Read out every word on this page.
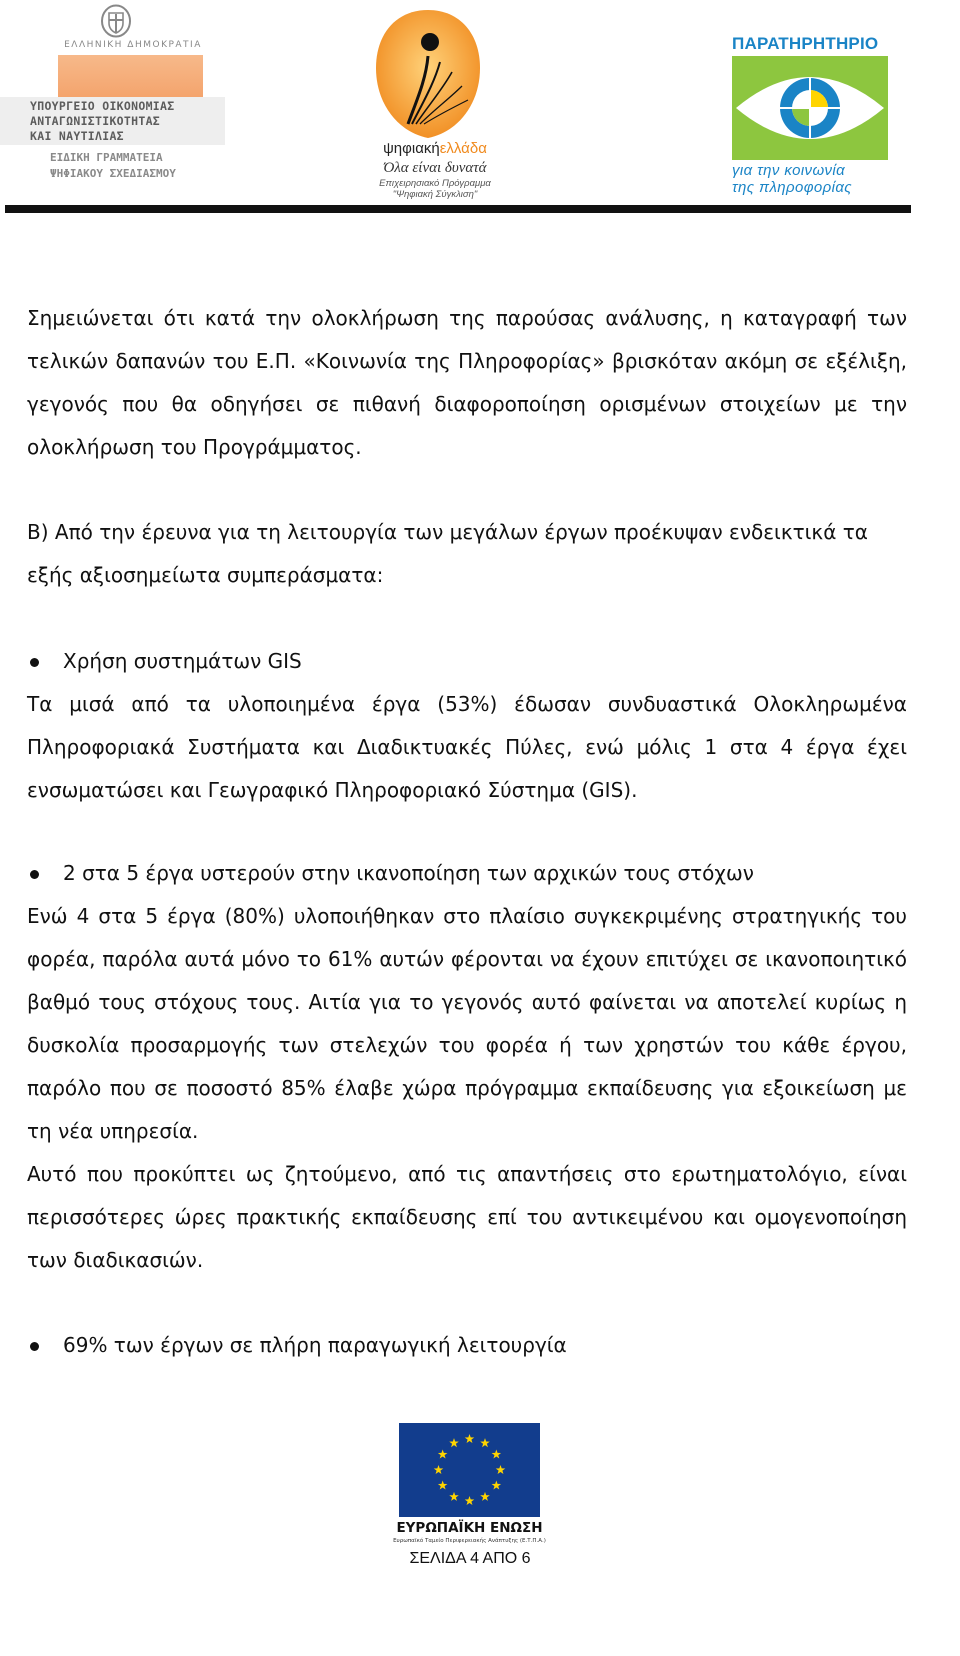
ΕΛΛΗΝΙΚΗ ΔΗΜΟΚΡΑΤΙΑ
ΥΠΟΥΡΓΕΙΟ ΟΙΚΟΝΟΜΙΑΣ
ΑΝΤΑΓΩΝΙΣΤΙΚΟΤΗΤΑΣ
ΚΑΙ ΝΑΥΤΙΛΙΑΣ
ΕΙΔΙΚΗ ΓΡΑΜΜΑΤΕΙΑ
ΨΗΦΙΑΚΟΥ ΣΧΕΔΙΑΣΜΟΥ
ψηφιακήελλάδα
Όλα είναι δυνατά
Επιχειρησιακό Πρόγραμμα
"Ψηφιακή Σύγκλιση"
ΠΑΡΑΤΗΡΗΤΗΡΙΟ
για την κοινωνία
της πληροφορίας
Σημειώνεται ότι κατά την ολοκλήρωση της παρούσας ανάλυσης, η καταγραφή των τελικών δαπανών του Ε.Π. «Κοινωνία της Πληροφορίας» βρισκόταν ακόμη σε εξέλιξη, γεγονός που θα οδηγήσει σε πιθανή διαφοροποίηση ορισμένων στοιχείων με την ολοκλήρωση του Προγράμματος.
Β) Από την έρευνα για τη λειτουργία των μεγάλων έργων προέκυψαν ενδεικτικά τα εξής αξιοσημείωτα συμπεράσματα:
Χρήση συστημάτων GIS
Τα μισά από τα υλοποιημένα έργα (53%) έδωσαν συνδυαστικά Ολοκληρωμένα Πληροφοριακά Συστήματα και Διαδικτυακές Πύλες, ενώ μόλις 1 στα 4 έργα έχει ενσωματώσει και Γεωγραφικό Πληροφοριακό Σύστημα (GIS).
2 στα 5 έργα υστερούν στην ικανοποίηση των αρχικών τους στόχων
Ενώ 4 στα 5 έργα (80%) υλοποιήθηκαν στο πλαίσιο συγκεκριμένης στρατηγικής του φορέα, παρόλα αυτά μόνο το 61% αυτών φέρονται να έχουν επιτύχει σε ικανοποιητικό βαθμό τους στόχους τους. Αιτία για το γεγονός αυτό φαίνεται να αποτελεί κυρίως η δυσκολία προσαρμογής των στελεχών του φορέα ή των χρηστών του κάθε έργου, παρόλο που σε ποσοστό 85% έλαβε χώρα πρόγραμμα εκπαίδευσης για εξοικείωση με τη νέα υπηρεσία.
Αυτό που προκύπτει ως ζητούμενο, από τις απαντήσεις στο ερωτηματολόγιο, είναι περισσότερες ώρες πρακτικής εκπαίδευσης επί του αντικειμένου και ομογενοποίηση των διαδικασιών.
69% των έργων σε πλήρη παραγωγική λειτουργία
ΕΥΡΩΠΑΪΚΗ ΕΝΩΣΗ
Ευρωπαϊκό Ταμείο Περιφερειακής Ανάπτυξης (Ε.Τ.Π.Α.)
ΣΕΛΙΔΑ 4 ΑΠΟ 6
